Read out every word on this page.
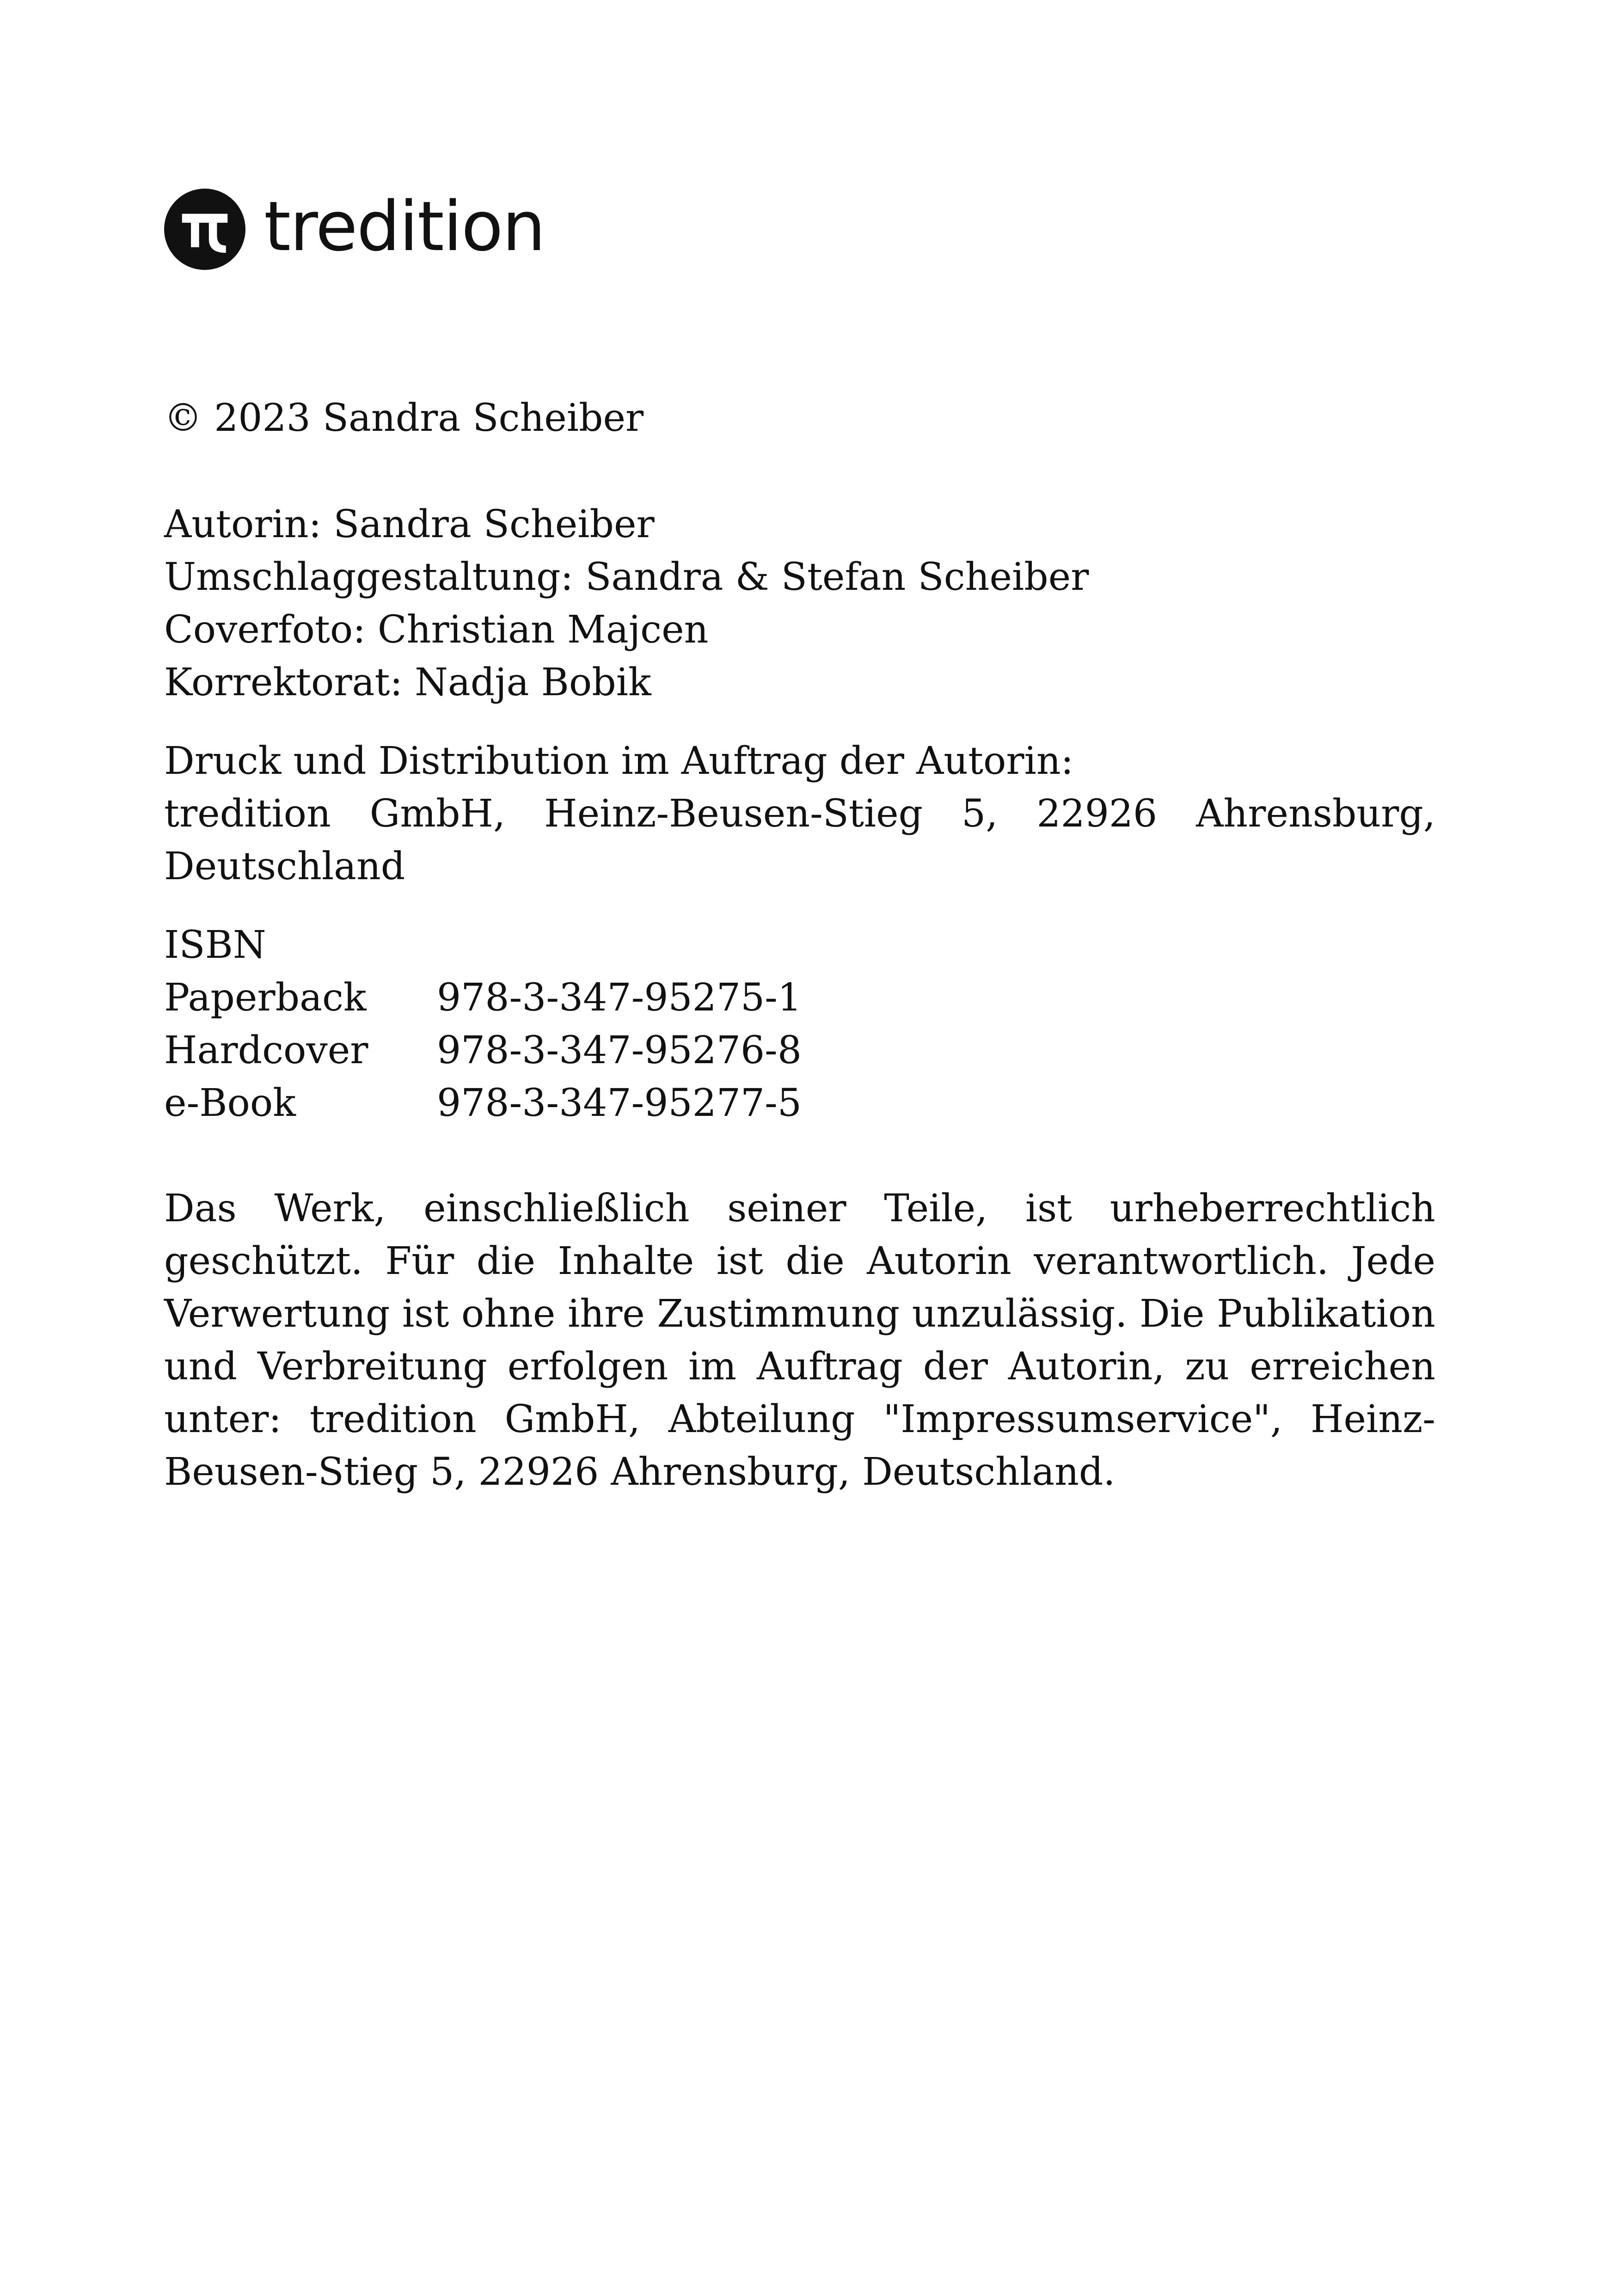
tredition
© 2023 Sandra Scheiber
Autorin: Sandra Scheiber
Umschlaggestaltung: Sandra & Stefan Scheiber
Coverfoto: Christian Majcen
Korrektorat: Nadja Bobik
Druck und Distribution im Auftrag der Autorin:
tredition GmbH, Heinz-Beusen-Stieg 5, 22926 Ahrensburg,
Deutschland
ISBN
Paperback	978-3-347-95275-1
Hardcover	978-3-347-95276-8
e-Book	978-3-347-95277-5

Das Werk, einschließlich seiner Teile, ist urheberrechtlich geschützt. Für die Inhalte ist die Autorin verantwortlich. Jede Verwertung ist ohne ihre Zustimmung unzulässig. Die Publikation und Verbreitung erfolgen im Auftrag der Autorin, zu erreichen unter: tredition GmbH, Abteilung "Impressumservice", Heinz-Beusen-Stieg 5, 22926 Ahrensburg, Deutschland.
